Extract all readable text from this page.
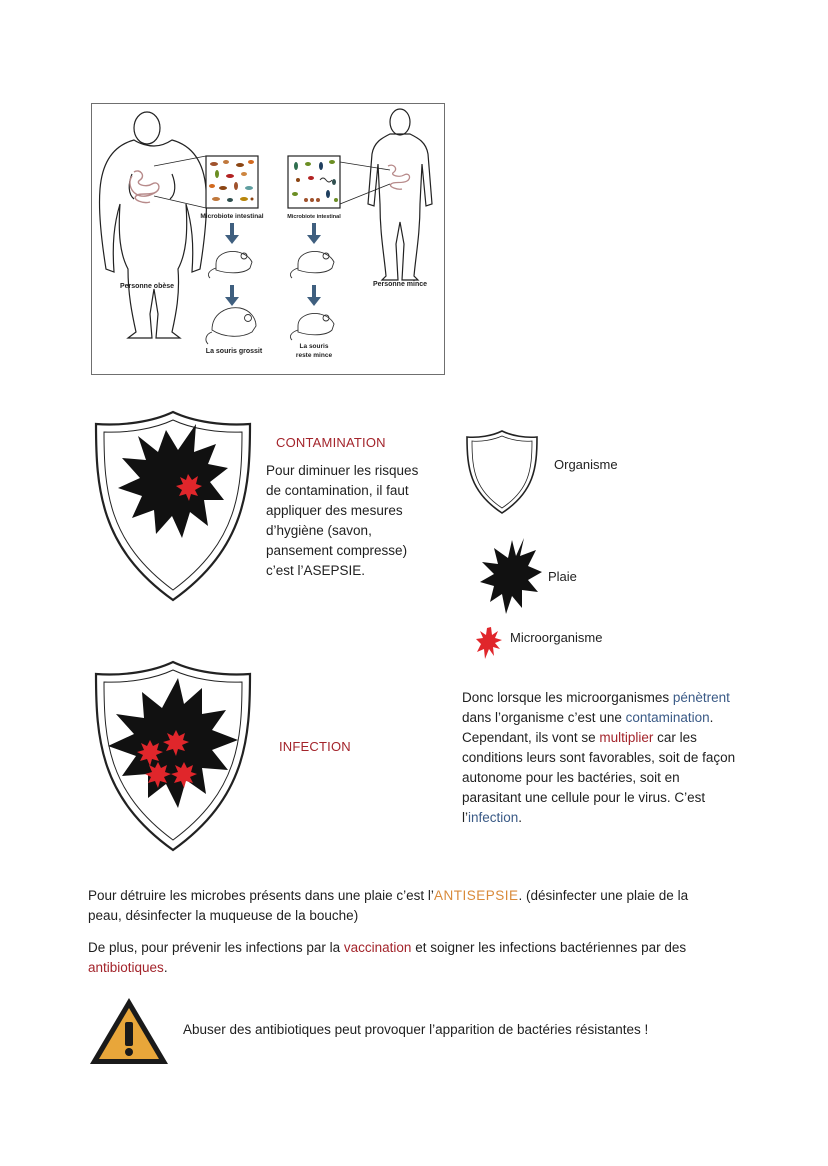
Microbiote intestinal	Microbiote intestinal
Personne obèse	Personne mince
La souris grossit
La souris
reste mince
CONTAMINATION
Pour diminuer les risques
de contamination, il faut
appliquer des mesures
d’hygiène (savon,
pansement compresse)
c’est l’ASEPSIE.
Organisme
Plaie
Microorganisme
INFECTION
Donc lorsque les microorganismes pénètrent
dans l’organisme c’est une contamination.
Cependant, ils vont se multiplier car les
conditions leurs sont favorables, soit de façon
autonome pour les bactéries, soit en
parasitant une cellule pour le virus. C’est
l’infection.
Pour détruire les microbes présents dans une plaie c’est l’ANTISEPSIE. (désinfecter une plaie de la
peau, désinfecter la muqueuse de la bouche)
De plus, pour prévenir les infections par la vaccination et soigner les infections bactériennes par des
antibiotiques.
Abuser des antibiotiques peut provoquer l’apparition de bactéries résistantes !
